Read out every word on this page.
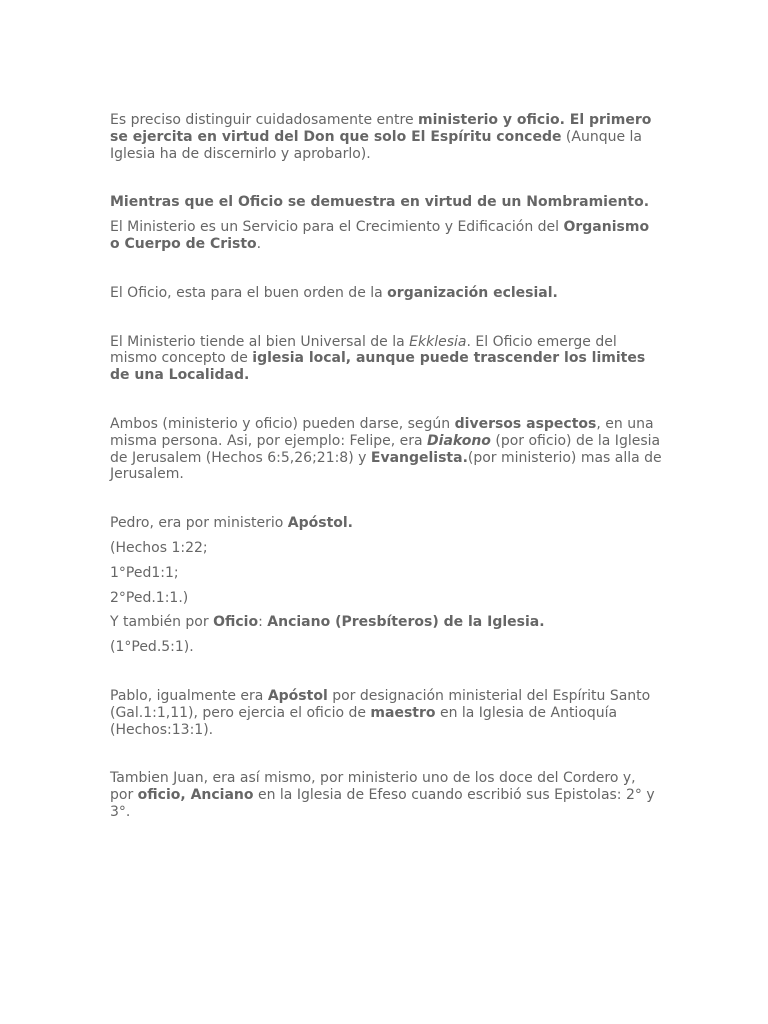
Es preciso distinguir cuidadosamente entre ministerio y oficio. El primero se ejercita en virtud del Don que solo El Espíritu concede (Aunque la Iglesia ha de discernirlo y aprobarlo).

Mientras que el Oficio se demuestra en virtud de un Nombramiento.

El Ministerio es un Servicio para el Crecimiento y Edificación del Organismo o Cuerpo de Cristo.

El Oficio, esta para el buen orden de la organización eclesial.

El Ministerio tiende al bien Universal de la Ekklesia. El Oficio emerge del mismo concepto de iglesia local, aunque puede trascender los limites de una Localidad.

Ambos (ministerio y oficio) pueden darse, según diversos aspectos, en una misma persona. Asi, por ejemplo: Felipe, era Diakono (por oficio) de la Iglesia de Jerusalem (Hechos 6:5,26;21:8) y Evangelista.(por ministerio) mas alla de Jerusalem.

Pedro, era por ministerio Apóstol.

(Hechos 1:22;

1°Ped1:1;

2°Ped.1:1.)

Y también por Oficio: Anciano (Presbíteros) de la Iglesia.

(1°Ped.5:1).

Pablo, igualmente era Apóstol por designación ministerial del Espíritu Santo (Gal.1:1,11), pero ejercia el oficio de maestro en la Iglesia de Antioquía (Hechos:13:1).

Tambien Juan, era así mismo, por ministerio uno de los doce del Cordero y, por oficio, Anciano en la Iglesia de Efeso cuando escribió sus Epistolas: 2° y 3°.
